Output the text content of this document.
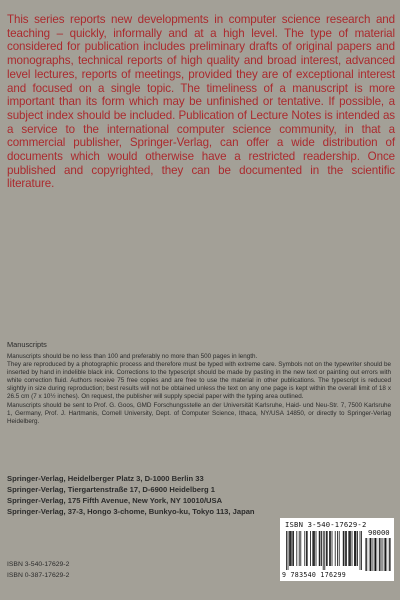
This series reports new developments in computer science research and teaching – quickly, informally and at a high level. The type of material considered for publication includes preliminary drafts of original papers and monographs, technical reports of high quality and broad interest, advanced level lectures, reports of meetings, provided they are of exceptional interest and focused on a single topic. The timeliness of a manuscript is more important than its form which may be unfinished or tentative. If possible, a subject index should be included. Publication of Lecture Notes is intended as a service to the international computer science community, in that a commercial publisher, Springer-Verlag, can offer a wide distribution of documents which would otherwise have a restricted readership. Once published and copyrighted, they can be documented in the scientific literature.

Manuscripts

Manuscripts should be no less than 100 and preferably no more than 500 pages in length.

They are reproduced by a photographic process and therefore must be typed with extreme care. Symbols not on the typewriter should be inserted by hand in indelible black ink. Corrections to the typescript should be made by pasting in the new text or painting out errors with white correction fluid. Authors receive 75 free copies and are free to use the material in other publications. The typescript is reduced slightly in size during reproduction; best results will not be obtained unless the text on any one page is kept within the overall limit of 18 x 26.5 cm (7 x 10½ inches). On request, the publisher will supply special paper with the typing area outlined.

Manuscripts should be sent to Prof. G. Goos, GMD Forschungsstelle an der Universität Karlsruhe, Haid- und Neu-Str. 7, 7500 Karlsruhe 1, Germany, Prof. J. Hartmanis, Cornell University, Dept. of Computer Science, Ithaca, NY/USA 14850, or directly to Springer-Verlag Heidelberg.

Springer-Verlag, Heidelberger Platz 3, D-1000 Berlin 33
Springer-Verlag, Tiergartenstraße 17, D-6900 Heidelberg 1
Springer-Verlag, 175 Fifth Avenue, New York, NY 10010/USA
Springer-Verlag, 37-3, Hongo 3-chome, Bunkyo-ku, Tokyo 113, Japan
ISBN 3-540-17629-2
ISBN 0-387-17629-2
ISBN 3-540-17629-2
90000
9 783540 176299
